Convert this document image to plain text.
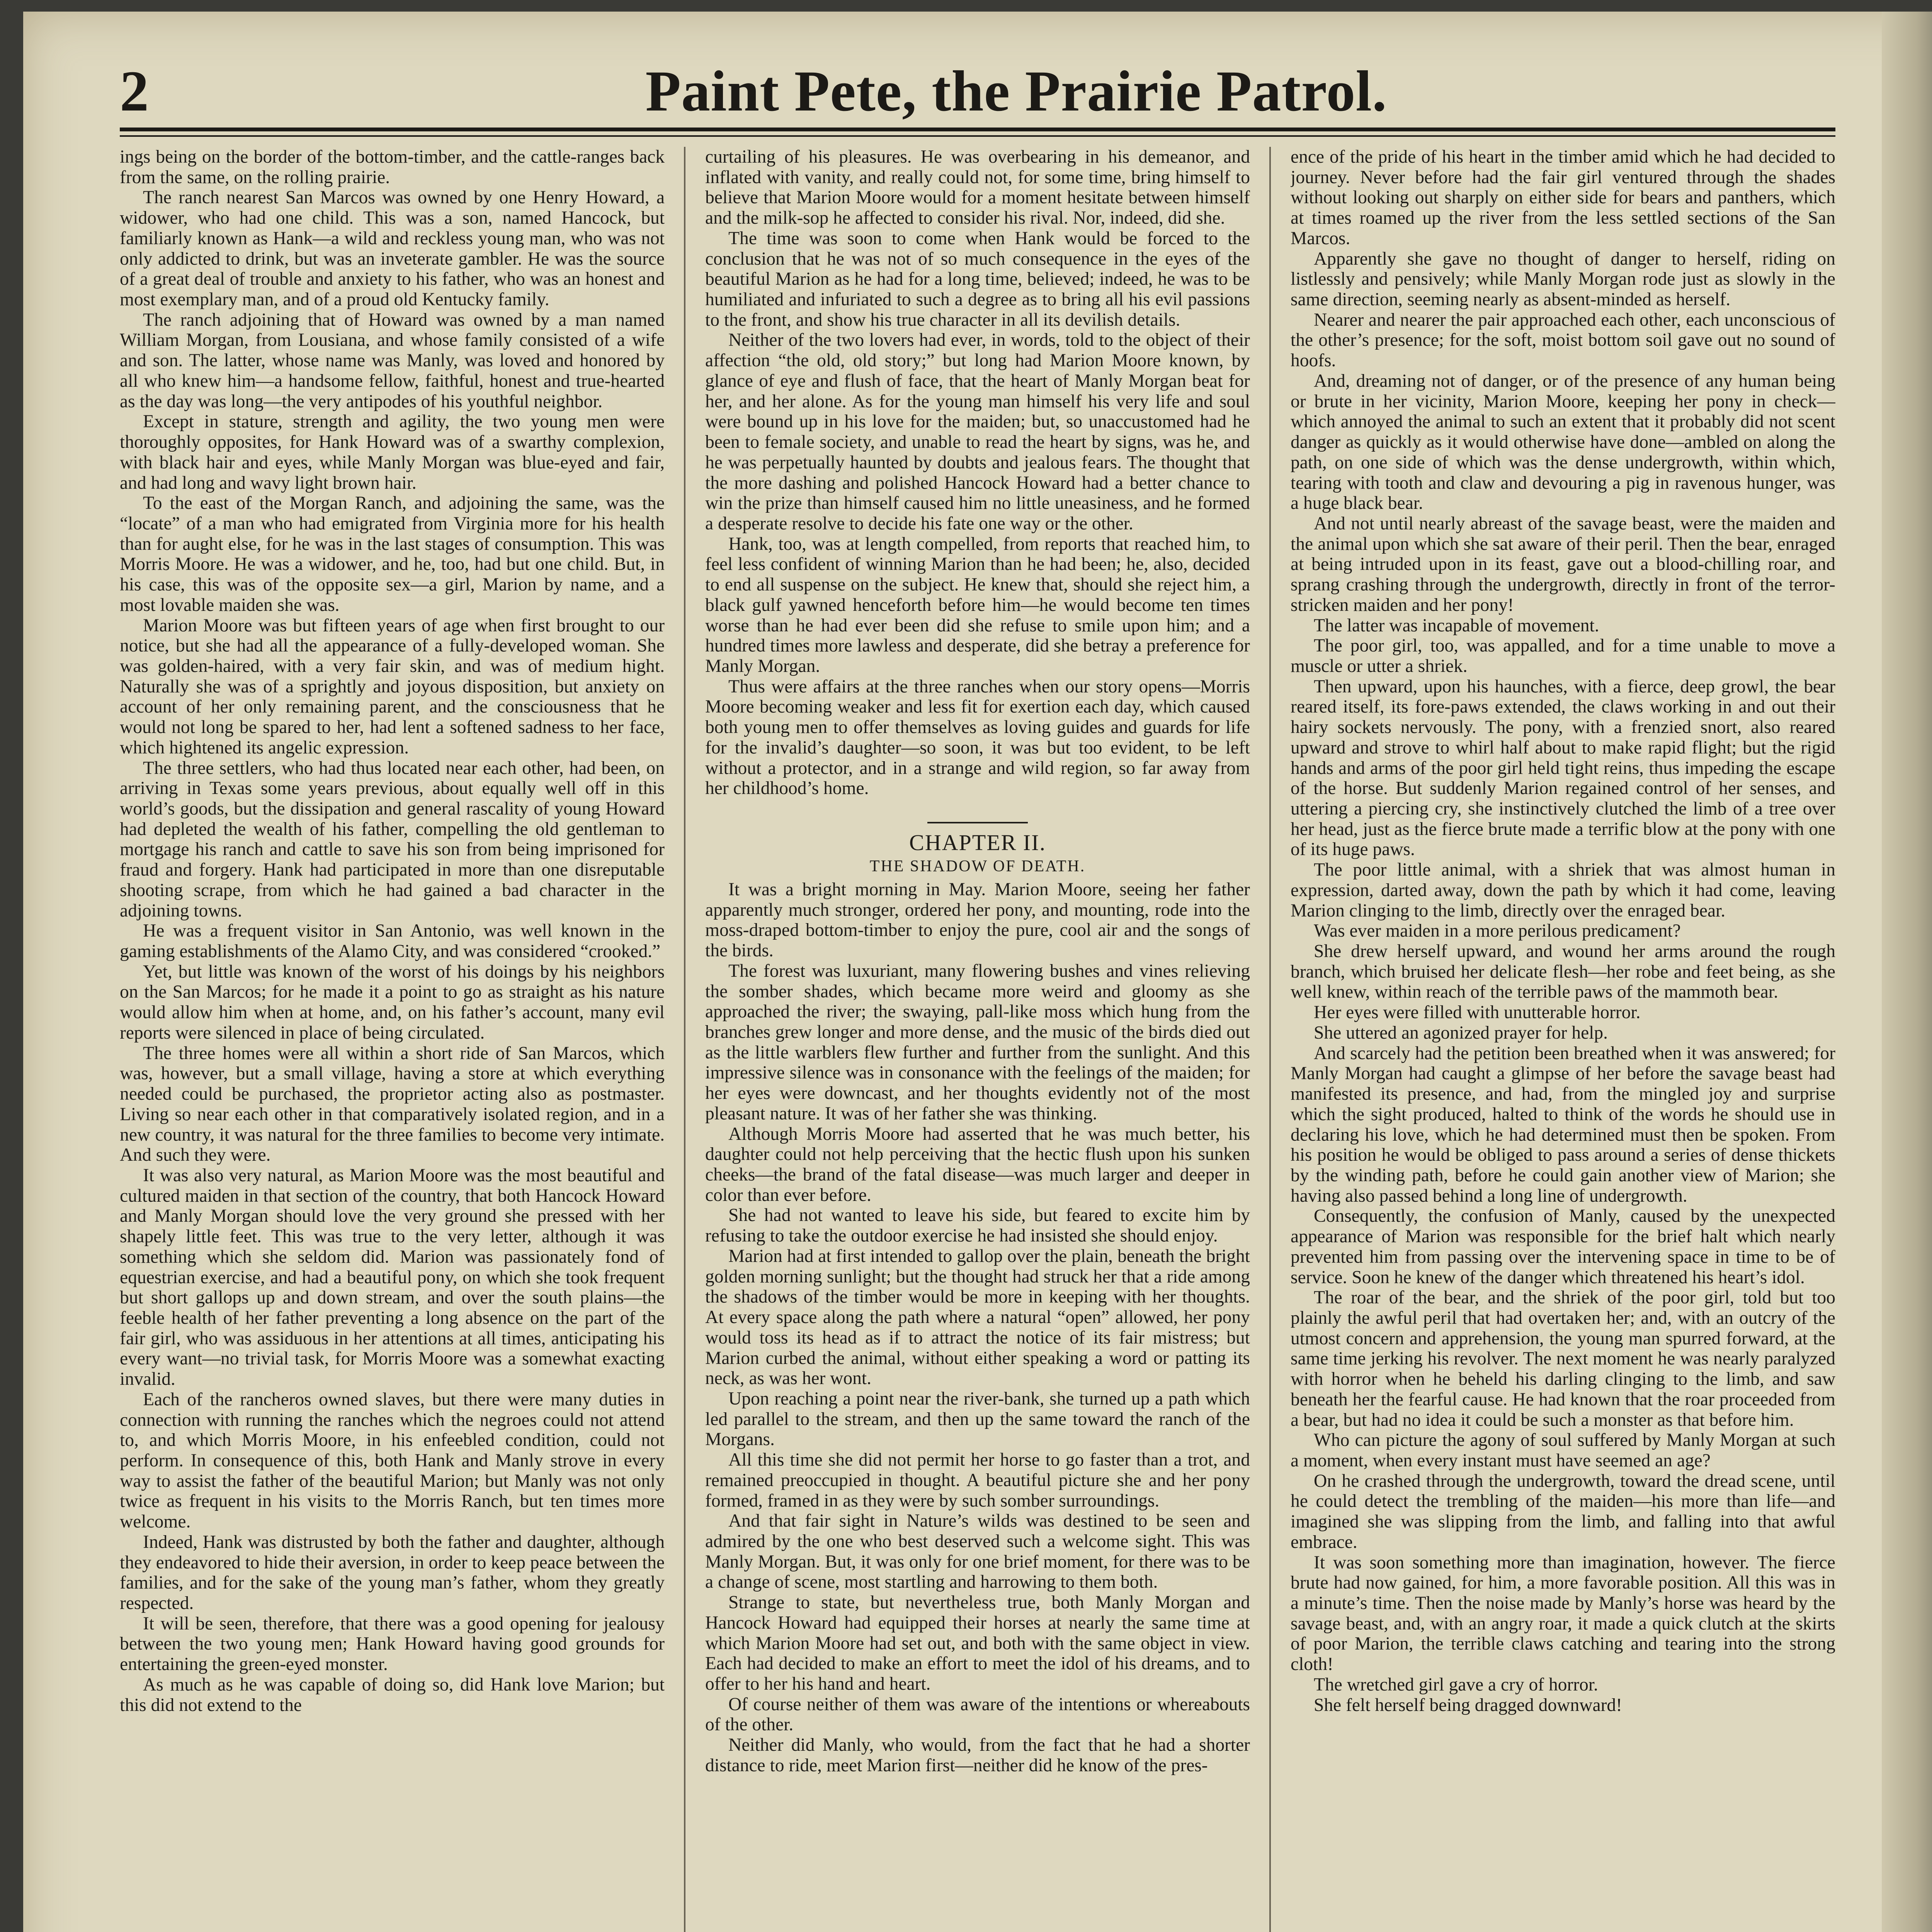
2	Paint Pete, the Prairie Patrol.

ings being on the border of the bottom-timber, and the cattle-ranges back from the same, on the rolling prairie.

The ranch nearest San Marcos was owned by one Henry Howard, a widower, who had one child. This was a son, named Hancock, but familiarly known as Hank—a wild and reckless young man, who was not only addicted to drink, but was an inveterate gambler. He was the source of a great deal of trouble and anxiety to his father, who was an honest and most exemplary man, and of a proud old Kentucky family.

The ranch adjoining that of Howard was owned by a man named William Morgan, from Lousiana, and whose family consisted of a wife and son. The latter, whose name was Manly, was loved and honored by all who knew him—a handsome fellow, faithful, honest and true-hearted as the day was long—the very antipodes of his youthful neighbor.

Except in stature, strength and agility, the two young men were thoroughly opposites, for Hank Howard was of a swarthy complexion, with black hair and eyes, while Manly Morgan was blue-eyed and fair, and had long and wavy light brown hair.

To the east of the Morgan Ranch, and adjoining the same, was the “locate” of a man who had emigrated from Virginia more for his health than for aught else, for he was in the last stages of consumption. This was Morris Moore. He was a widower, and he, too, had but one child. But, in his case, this was of the opposite sex—a girl, Marion by name, and a most lovable maiden she was.

Marion Moore was but fifteen years of age when first brought to our notice, but she had all the appearance of a fully-developed woman. She was golden-haired, with a very fair skin, and was of medium hight. Naturally she was of a sprightly and joyous disposition, but anxiety on account of her only remaining parent, and the consciousness that he would not long be spared to her, had lent a softened sadness to her face, which hightened its angelic expression.

The three settlers, who had thus located near each other, had been, on arriving in Texas some years previous, about equally well off in this world’s goods, but the dissipation and general rascality of young Howard had depleted the wealth of his father, compelling the old gentleman to mortgage his ranch and cattle to save his son from being imprisoned for fraud and forgery. Hank had participated in more than one disreputable shooting scrape, from which he had gained a bad character in the adjoining towns.

He was a frequent visitor in San Antonio, was well known in the gaming establishments of the Alamo City, and was considered “crooked.”

Yet, but little was known of the worst of his doings by his neighbors on the San Marcos; for he made it a point to go as straight as his nature would allow him when at home, and, on his father’s account, many evil reports were silenced in place of being circulated.

The three homes were all within a short ride of San Marcos, which was, however, but a small village, having a store at which everything needed could be purchased, the proprietor acting also as postmaster. Living so near each other in that comparatively isolated region, and in a new country, it was natural for the three families to become very intimate. And such they were.

It was also very natural, as Marion Moore was the most beautiful and cultured maiden in that section of the country, that both Hancock Howard and Manly Morgan should love the very ground she pressed with her shapely little feet. This was true to the very letter, although it was something which she seldom did. Marion was passionately fond of equestrian exercise, and had a beautiful pony, on which she took frequent but short gallops up and down stream, and over the south plains—the feeble health of her father preventing a long absence on the part of the fair girl, who was assiduous in her attentions at all times, anticipating his every want—no trivial task, for Morris Moore was a somewhat exacting invalid.

Each of the rancheros owned slaves, but there were many duties in connection with running the ranches which the negroes could not attend to, and which Morris Moore, in his enfeebled condition, could not perform. In consequence of this, both Hank and Manly strove in every way to assist the father of the beautiful Marion; but Manly was not only twice as frequent in his visits to the Morris Ranch, but ten times more welcome.

Indeed, Hank was distrusted by both the father and daughter, although they endeavored to hide their aversion, in order to keep peace between the families, and for the sake of the young man’s father, whom they greatly respected.

It will be seen, therefore, that there was a good opening for jealousy between the two young men; Hank Howard having good grounds for entertaining the green-eyed monster.

As much as he was capable of doing so, did Hank love Marion; but this did not extend to the

curtailing of his pleasures. He was overbearing in his demeanor, and inflated with vanity, and really could not, for some time, bring himself to believe that Marion Moore would for a moment hesitate between himself and the milk-sop he affected to consider his rival. Nor, indeed, did she.

The time was soon to come when Hank would be forced to the conclusion that he was not of so much consequence in the eyes of the beautiful Marion as he had for a long time, believed; indeed, he was to be humiliated and infuriated to such a degree as to bring all his evil passions to the front, and show his true character in all its devilish details.

Neither of the two lovers had ever, in words, told to the object of their affection “the old, old story;” but long had Marion Moore known, by glance of eye and flush of face, that the heart of Manly Morgan beat for her, and her alone. As for the young man himself his very life and soul were bound up in his love for the maiden; but, so unaccustomed had he been to female society, and unable to read the heart by signs, was he, and he was perpetually haunted by doubts and jealous fears. The thought that the more dashing and polished Hancock Howard had a better chance to win the prize than himself caused him no little uneasiness, and he formed a desperate resolve to decide his fate one way or the other.

Hank, too, was at length compelled, from reports that reached him, to feel less confident of winning Marion than he had been; he, also, decided to end all suspense on the subject. He knew that, should she reject him, a black gulf yawned henceforth before him—he would become ten times worse than he had ever been did she refuse to smile upon him; and a hundred times more lawless and desperate, did she betray a preference for Manly Morgan.

Thus were affairs at the three ranches when our story opens—Morris Moore becoming weaker and less fit for exertion each day, which caused both young men to offer themselves as loving guides and guards for life for the invalid’s daughter—so soon, it was but too evident, to be left without a protector, and in a strange and wild region, so far away from her childhood’s home.

CHAPTER II.
THE SHADOW OF DEATH.

It was a bright morning in May. Marion Moore, seeing her father apparently much stronger, ordered her pony, and mounting, rode into the moss-draped bottom-timber to enjoy the pure, cool air and the songs of the birds.

The forest was luxuriant, many flowering bushes and vines relieving the somber shades, which became more weird and gloomy as she approached the river; the swaying, pall-like moss which hung from the branches grew longer and more dense, and the music of the birds died out as the little warblers flew further and further from the sunlight. And this impressive silence was in consonance with the feelings of the maiden; for her eyes were downcast, and her thoughts evidently not of the most pleasant nature. It was of her father she was thinking.

Although Morris Moore had asserted that he was much better, his daughter could not help perceiving that the hectic flush upon his sunken cheeks—the brand of the fatal disease—was much larger and deeper in color than ever before.

She had not wanted to leave his side, but feared to excite him by refusing to take the outdoor exercise he had insisted she should enjoy.

Marion had at first intended to gallop over the plain, beneath the bright golden morning sunlight; but the thought had struck her that a ride among the shadows of the timber would be more in keeping with her thoughts. At every space along the path where a natural “open” allowed, her pony would toss its head as if to attract the notice of its fair mistress; but Marion curbed the animal, without either speaking a word or patting its neck, as was her wont.

Upon reaching a point near the river-bank, she turned up a path which led parallel to the stream, and then up the same toward the ranch of the Morgans.

All this time she did not permit her horse to go faster than a trot, and remained preoccupied in thought. A beautiful picture she and her pony formed, framed in as they were by such somber surroundings.

And that fair sight in Nature’s wilds was destined to be seen and admired by the one who best deserved such a welcome sight. This was Manly Morgan. But, it was only for one brief moment, for there was to be a change of scene, most startling and harrowing to them both.

Strange to state, but nevertheless true, both Manly Morgan and Hancock Howard had equipped their horses at nearly the same time at which Marion Moore had set out, and both with the same object in view. Each had decided to make an effort to meet the idol of his dreams, and to offer to her his hand and heart.

Of course neither of them was aware of the intentions or whereabouts of the other.

Neither did Manly, who would, from the fact that he had a shorter distance to ride, meet Marion first—neither did he know of the pres-

ence of the pride of his heart in the timber amid which he had decided to journey. Never before had the fair girl ventured through the shades without looking out sharply on either side for bears and panthers, which at times roamed up the river from the less settled sections of the San Marcos.

Apparently she gave no thought of danger to herself, riding on listlessly and pensively; while Manly Morgan rode just as slowly in the same direction, seeming nearly as absent-minded as herself.

Nearer and nearer the pair approached each other, each unconscious of the other’s presence; for the soft, moist bottom soil gave out no sound of hoofs.

And, dreaming not of danger, or of the presence of any human being or brute in her vicinity, Marion Moore, keeping her pony in check—which annoyed the animal to such an extent that it probably did not scent danger as quickly as it would otherwise have done—ambled on along the path, on one side of which was the dense undergrowth, within which, tearing with tooth and claw and devouring a pig in ravenous hunger, was a huge black bear.

And not until nearly abreast of the savage beast, were the maiden and the animal upon which she sat aware of their peril. Then the bear, enraged at being intruded upon in its feast, gave out a blood-chilling roar, and sprang crashing through the undergrowth, directly in front of the terror-stricken maiden and her pony!

The latter was incapable of movement.

The poor girl, too, was appalled, and for a time unable to move a muscle or utter a shriek.

Then upward, upon his haunches, with a fierce, deep growl, the bear reared itself, its fore-paws extended, the claws working in and out their hairy sockets nervously. The pony, with a frenzied snort, also reared upward and strove to whirl half about to make rapid flight; but the rigid hands and arms of the poor girl held tight reins, thus impeding the escape of the horse. But suddenly Marion regained control of her senses, and uttering a piercing cry, she instinctively clutched the limb of a tree over her head, just as the fierce brute made a terrific blow at the pony with one of its huge paws.

The poor little animal, with a shriek that was almost human in expression, darted away, down the path by which it had come, leaving Marion clinging to the limb, directly over the enraged bear.

Was ever maiden in a more perilous predicament?

She drew herself upward, and wound her arms around the rough branch, which bruised her delicate flesh—her robe and feet being, as she well knew, within reach of the terrible paws of the mammoth bear.

Her eyes were filled with unutterable horror.

She uttered an agonized prayer for help.

And scarcely had the petition been breathed when it was answered; for Manly Morgan had caught a glimpse of her before the savage beast had manifested its presence, and had, from the mingled joy and surprise which the sight produced, halted to think of the words he should use in declaring his love, which he had determined must then be spoken. From his position he would be obliged to pass around a series of dense thickets by the winding path, before he could gain another view of Marion; she having also passed behind a long line of undergrowth.

Consequently, the confusion of Manly, caused by the unexpected appearance of Marion was responsible for the brief halt which nearly prevented him from passing over the intervening space in time to be of service. Soon he knew of the danger which threatened his heart’s idol.

The roar of the bear, and the shriek of the poor girl, told but too plainly the awful peril that had overtaken her; and, with an outcry of the utmost concern and apprehension, the young man spurred forward, at the same time jerking his revolver. The next moment he was nearly paralyzed with horror when he beheld his darling clinging to the limb, and saw beneath her the fearful cause. He had known that the roar proceeded from a bear, but had no idea it could be such a monster as that before him.

Who can picture the agony of soul suffered by Manly Morgan at such a moment, when every instant must have seemed an age?

On he crashed through the undergrowth, toward the dread scene, until he could detect the trembling of the maiden—his more than life—and imagined she was slipping from the limb, and falling into that awful embrace.

It was soon something more than imagination, however. The fierce brute had now gained, for him, a more favorable position. All this was in a minute’s time. Then the noise made by Manly’s horse was heard by the savage beast, and, with an angry roar, it made a quick clutch at the skirts of poor Marion, the terrible claws catching and tearing into the strong cloth!

The wretched girl gave a cry of horror.

She felt herself being dragged downward!
